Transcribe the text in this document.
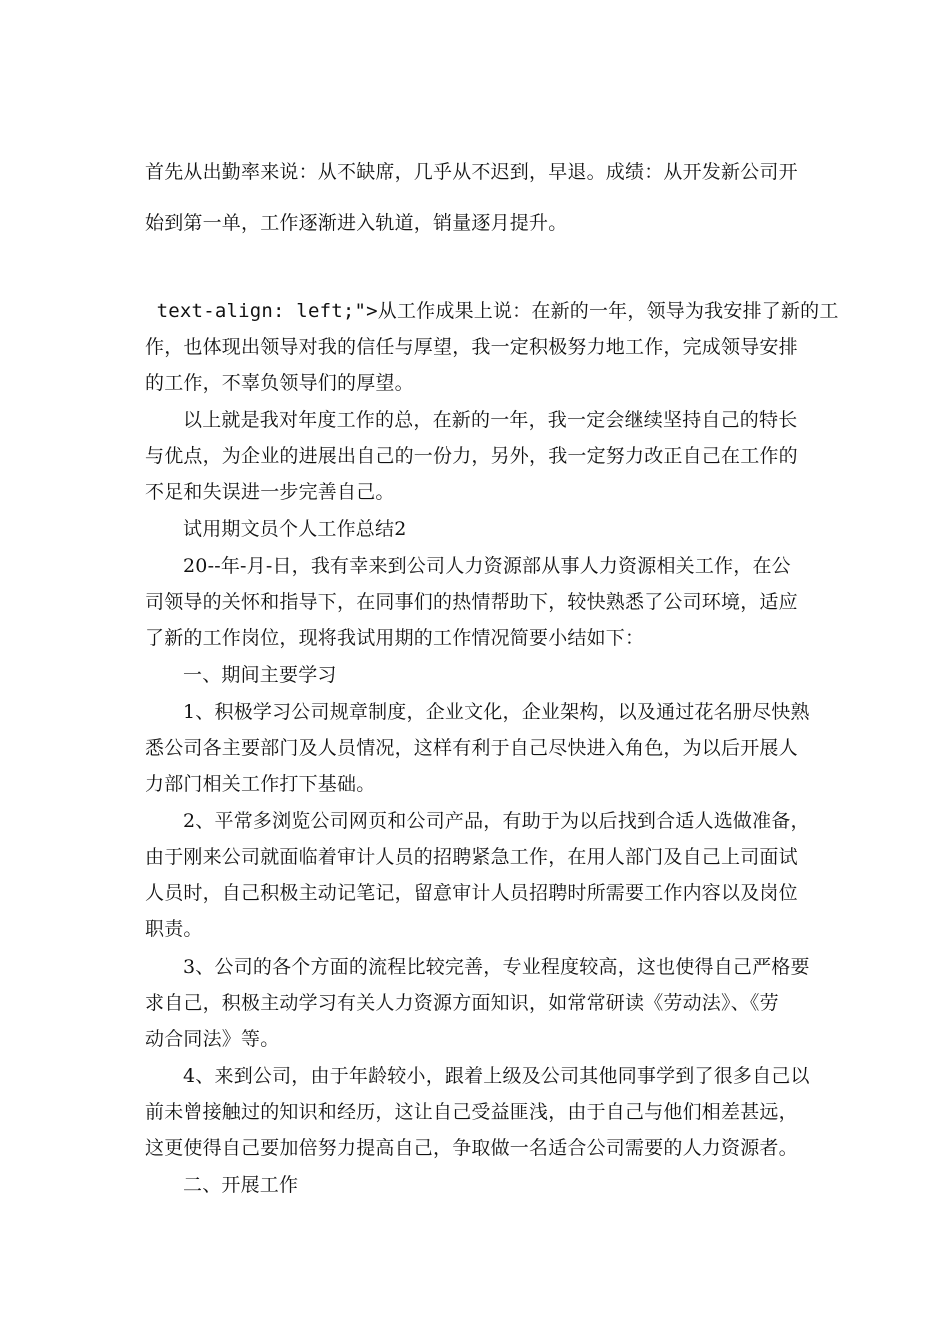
首先从出勤率来说：从不缺席，几乎从不迟到，早退。成绩：从开发新公司开
始到第一单，工作逐渐进入轨道，销量逐月提升。

text-align: left;">从工作成果上说：在新的一年，领导为我安排了新的工
作，也体现出领导对我的信任与厚望，我一定积极努力地工作，完成领导安排
的工作，不辜负领导们的厚望。

以上就是我对年度工作的总，在新的一年，我一定会继续坚持自己的特长
与优点，为企业的进展出自己的一份力，另外，我一定努力改正自己在工作的
不足和失误进一步完善自己。

试用期文员个人工作总结2

20--年-月-日，我有幸来到公司人力资源部从事人力资源相关工作，在公
司领导的关怀和指导下，在同事们的热情帮助下，较快熟悉了公司环境，适应
了新的工作岗位，现将我试用期的工作情况简要小结如下：

一、期间主要学习

1、积极学习公司规章制度，企业文化，企业架构，以及通过花名册尽快熟
悉公司各主要部门及人员情况，这样有利于自己尽快进入角色，为以后开展人
力部门相关工作打下基础。

2、平常多浏览公司网页和公司产品，有助于为以后找到合适人选做准备，
由于刚来公司就面临着审计人员的招聘紧急工作，在用人部门及自己上司面试
人员时，自己积极主动记笔记，留意审计人员招聘时所需要工作内容以及岗位
职责。

3、公司的各个方面的流程比较完善，专业程度较高，这也使得自己严格要
求自己，积极主动学习有关人力资源方面知识，如常常研读《劳动法》、《劳
动合同法》等。

4、来到公司，由于年龄较小，跟着上级及公司其他同事学到了很多自己以
前未曾接触过的知识和经历，这让自己受益匪浅，由于自己与他们相差甚远，
这更使得自己要加倍努力提高自己，争取做一名适合公司需要的人力资源者。

二、开展工作
